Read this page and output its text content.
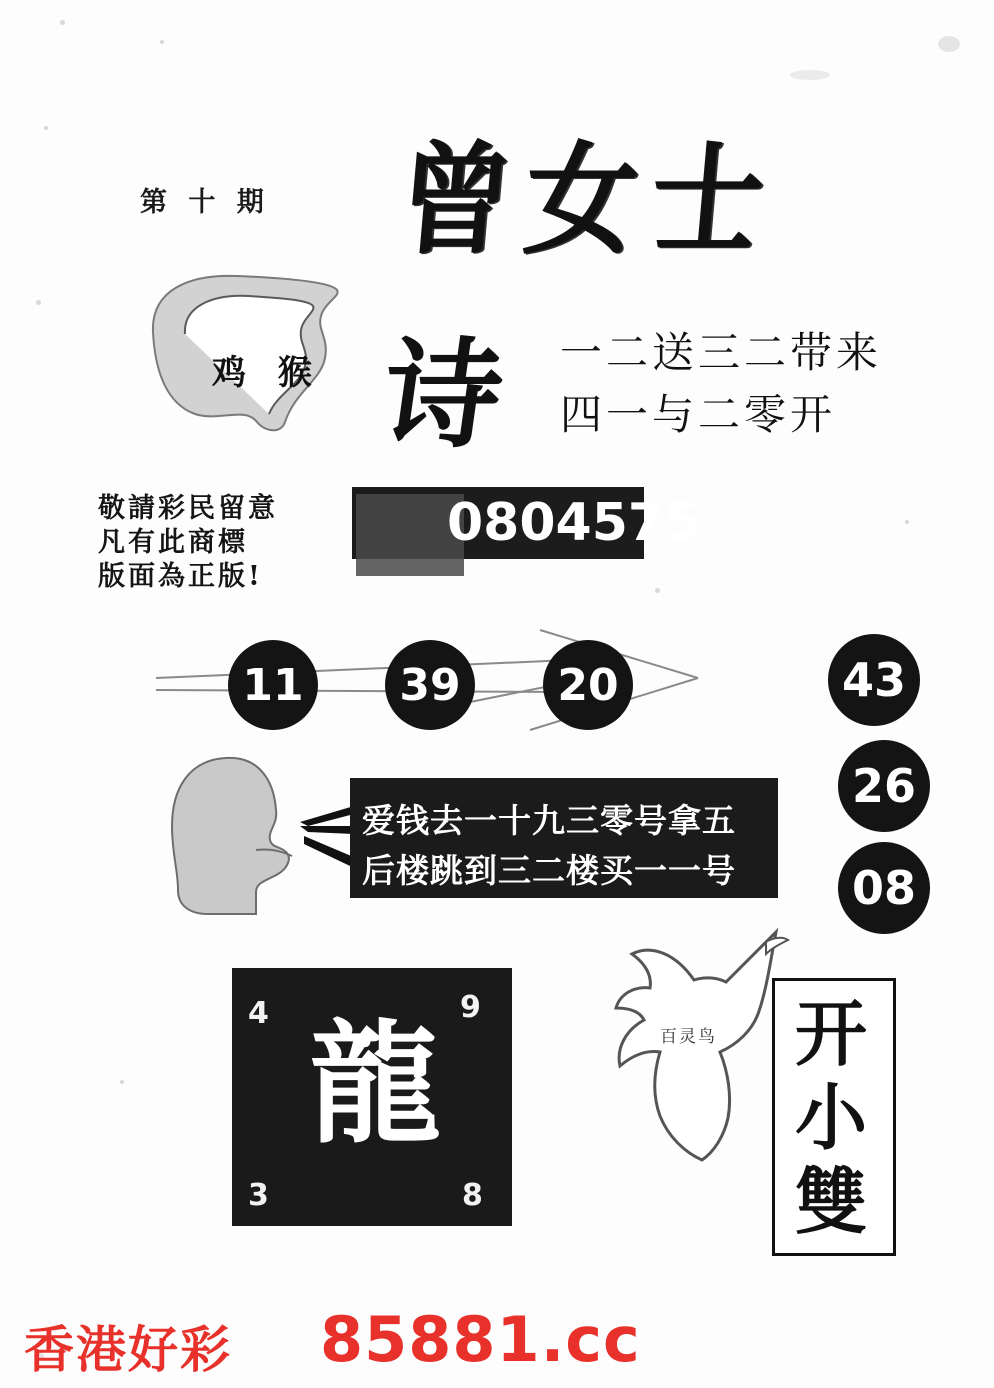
第 十 期 曾女士
鸡 猴 诗 一二送三二带来
四一与二零开
敬請彩民留意
凡有此商標
版面為正版!
0804575
11	39	20	43
26
08
爱钱去一十九三零号拿五
后楼跳到三二楼买一一号
龍
4	9
3	8
百灵鸟 开
小
雙
香港好彩 85881.cc
